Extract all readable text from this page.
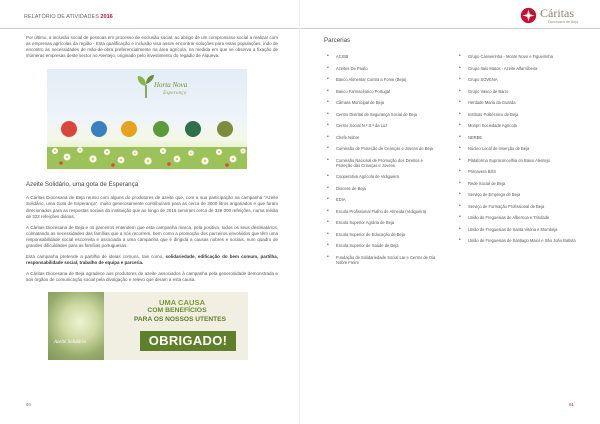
RELATÓRIO DE ATIVIDADES 2016	Cáritas
Diocesana de Beja

Por último, a inclusão social de pessoas em processo de exclusão social, ao abrigo de um compromisso social a realizar com as empresas agrícolas da região - Esta qualificação e inclusão visa assim encontrar soluções para estas populações, indo de encontro às necessidades de mão-de-obra preferencialmente na área agrícola, na medida em que se observa a fixação de inúmeras empresas deste sector no Alentejo, originado pelo investimento do regadio de Alqueva.

Horta Nova
Esperança
Azeite Solidário, uma gota de Esperança

A Cáritas Diocesana de Beja reuniu com alguns do produtores de azeite que, com a sua participação na campanha "Azeite Solidário, uma Gota de Esperança", muito generosamente contribuíram para as cerca de 3000 litros angariados e que foram direcionados para as respostas sociais da instituição que ao longo de 2016 serviram cerca de 328 000 refeições, numa média de 322 refeições diárias.

A Cáritas Diocesana de Beja e os parceiros entendem que esta campanha marca, pela positiva, todos os seus destinatários, colmatando as necessidades das famílias que a nós recorrem, bem como a promoção dos parceiros envolvidos que têm uma responsabilidade social escorreita e associada a uma campanha que é dirigida a causas nobres e sociais, num quadro de grandes dificuldades para as famílias portuguesas.

Esta campanha pretende a partilha de ideias comuns, tais como, solidariedade, edificação do bem comum, partilha, responsabilidade social, trabalho de equipa e parceria.

A Cáritas Diocesana de Beja agradece aos produtores de azeite associados à campanha pela generosidade demonstrada e aos órgãos de comunicação social pela divulgação e relevo que deram a esta causa.

UMA CAUSA
COM BENEFÍCIOS
PARA OS NOSSOS UTENTES
OBRIGADO!
Azeite Solidário
Parcerias
• ACISB
• Azeites De Pauto
• Banco Alimentar Contra a Fome (Beja)
• Banco Farmacêutico Portugal
• Câmara Municipal de Beja
• Centro Distrital de Segurança Social de Beja
• Centro Social N.ª S.ª da Luz
• Chefe Nobre
• Comissão de Proteção de Crianças e Jovens de Beja
• Comissão Nacional de Promoção dos Direitos e Proteção das Crianças e Jovens
• Cooperativa Agrícola de Vidigueira
• Diocese de Beja
• EDIA
• Escola Profissional Fialho de Almeida (Vidigueira)
• Escola Superior Agrária de Beja
• Escola Superior de Educação de Beja
• Escola Superior de Saúde de Beja
• Fundação de Solidariedade Social Lar e Centro de Dia Nobre Freire
• Grupo Canseirinha - Monte Novo e Figueirinha
• Grupo Italo Matos - Azeite Alfarróbeira
• Grupo SOVENA
• Grupo Vasco de Barro
• Herdade Maria da Guarda
• Instituto Politécnico de Beja
• Moripri Sociedade Agrícola
• NERBE
• Núcleo Local de Inserção de Beja
• Plataforma Supraconcelhia do Baixo Alentejo
• Primavera BSS
• Rede Social de Beja
• Serviço de Emprego de Beja
• Serviço de Formação Profissional de Beja
• União de Freguesias de Albernoa e Trindade
• União de Freguesias de Santa Vitória e Mombeja
• União de Freguesias de Santiago Maior e São João Batista
60	61
